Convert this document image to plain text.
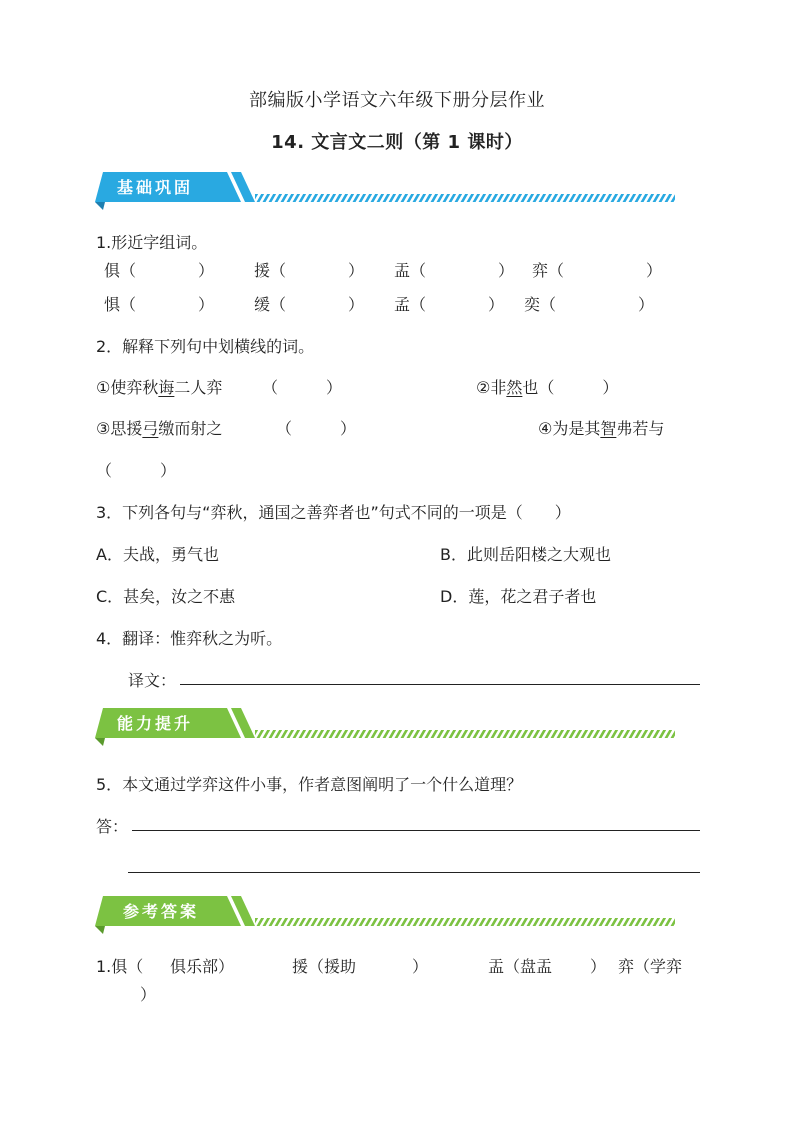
部编版小学语文六年级下册分层作业
14. 文言文二则（第 1 课时）
基础巩固
1.形近字组词。
俱（	） 援（	） 盂（	） 弈（	）
惧（	） 缓（	） 孟（	） 奕（	）
2．解释下列句中划横线的词。
①使弈秋诲二人弈 （　　　）	②非然也（　　　）
③思援弓缴而射之	（　　　）	④为是其智弗若与
（　　　）
3．下列各句与“弈秋，通国之善弈者也”句式不同的一项是（　　）
A．夫战，勇气也	B．此则岳阳楼之大观也
C．甚矣，汝之不惠	D．莲，花之君子者也
4．翻译：惟弈秋之为听。
译文：
能力提升
5．本文通过学弈这件小事，作者意图阐明了一个什么道理？
答：
参考答案
1.俱（ 俱乐部）	援（援助	）	盂（盘盂 ） 弈（学弈
）
